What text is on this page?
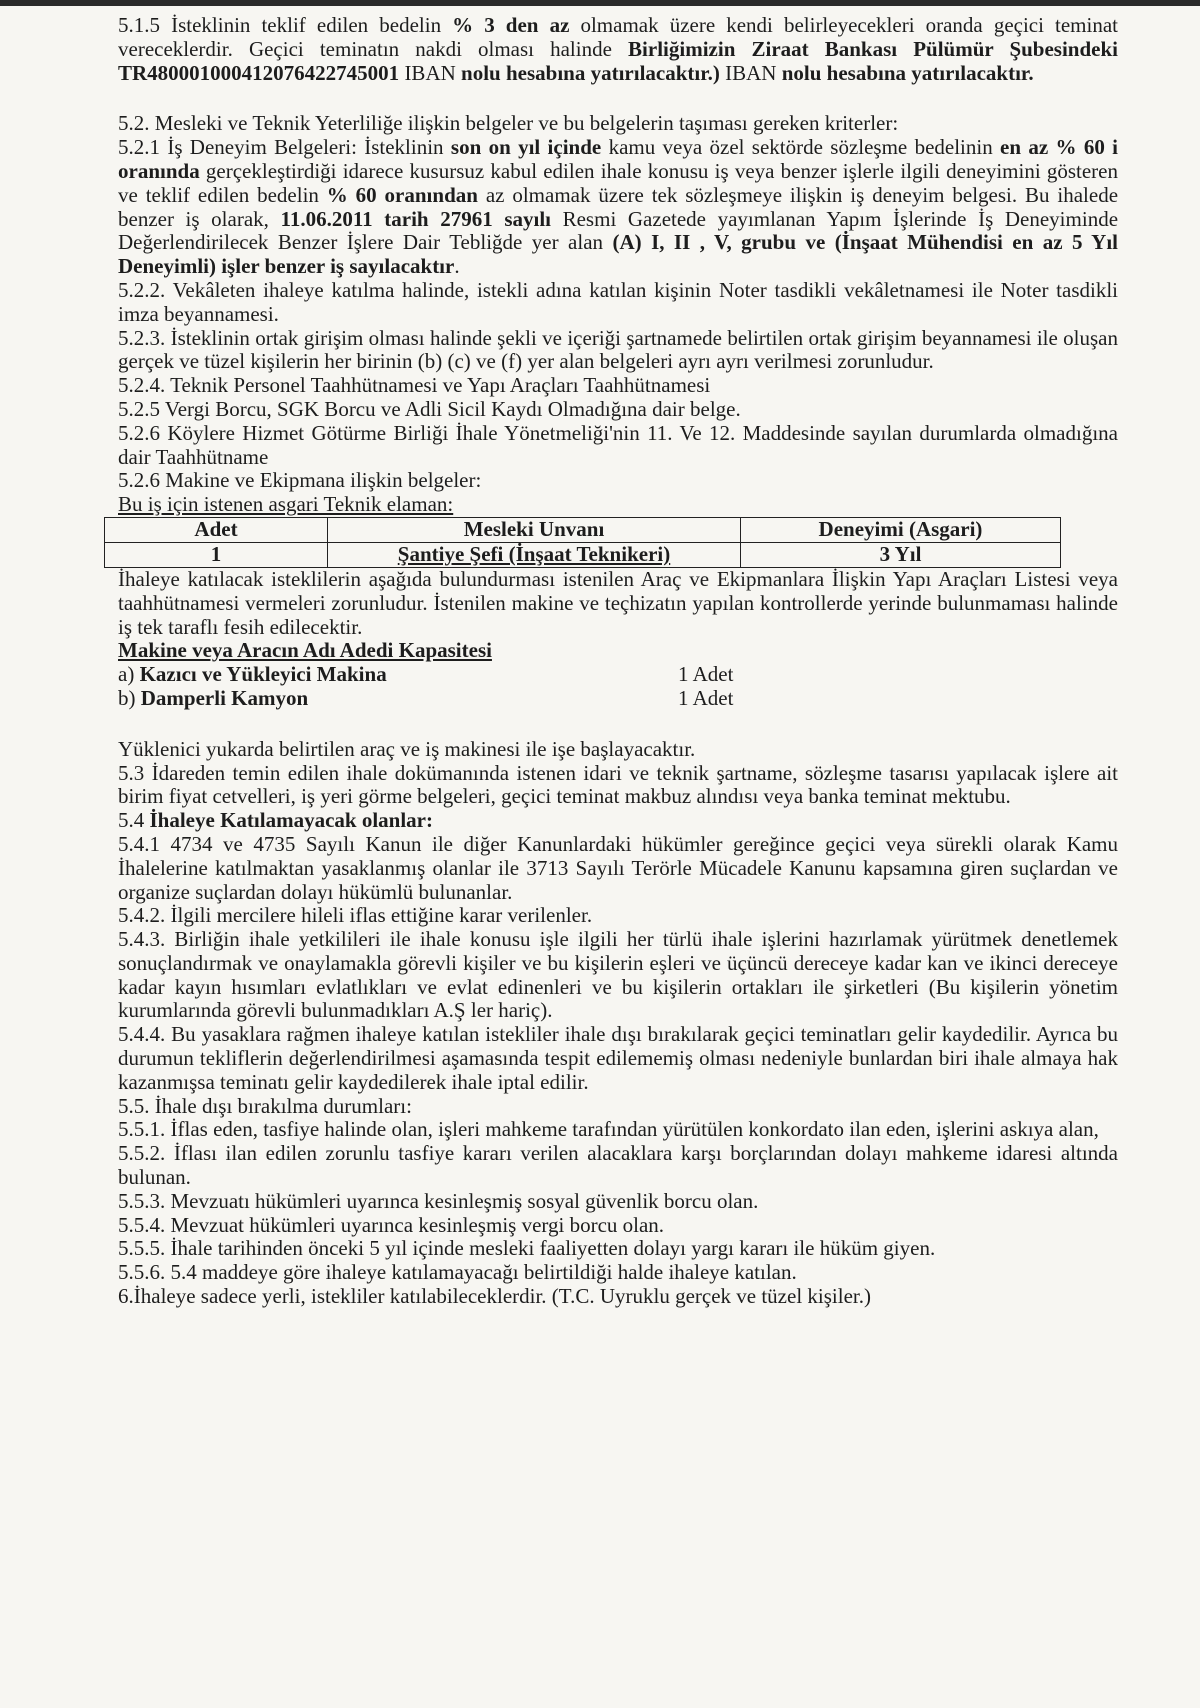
5.1.5 İsteklinin teklif edilen bedelin % 3 den az olmamak üzere kendi belirleyecekleri oranda geçici teminat vereceklerdir. Geçici teminatın nakdi olması halinde Birliğimizin Ziraat Bankası Pülümür Şubesindeki TR480001000412076422745001 IBAN nolu hesabına yatırılacaktır.) IBAN nolu hesabına yatırılacaktır.

5.2. Mesleki ve Teknik Yeterliliğe ilişkin belgeler ve bu belgelerin taşıması gereken kriterler:

5.2.1 İş Deneyim Belgeleri: İsteklinin son on yıl içinde kamu veya özel sektörde sözleşme bedelinin en az % 60 i oranında gerçekleştirdiği idarece kusursuz kabul edilen ihale konusu iş veya benzer işlerle ilgili deneyimini gösteren ve teklif edilen bedelin % 60 oranından az olmamak üzere tek sözleşmeye ilişkin iş deneyim belgesi. Bu ihalede benzer iş olarak, 11.06.2011 tarih 27961 sayılı Resmi Gazetede yayımlanan Yapım İşlerinde İş Deneyiminde Değerlendirilecek Benzer İşlere Dair Tebliğde yer alan (A) I, II , V, grubu ve (İnşaat Mühendisi en az 5 Yıl Deneyimli) işler benzer iş sayılacaktır.

5.2.2. Vekâleten ihaleye katılma halinde, istekli adına katılan kişinin Noter tasdikli vekâletnamesi ile Noter tasdikli imza beyannamesi.

5.2.3. İsteklinin ortak girişim olması halinde şekli ve içeriği şartnamede belirtilen ortak girişim beyannamesi ile oluşan gerçek ve tüzel kişilerin her birinin (b) (c) ve (f) yer alan belgeleri ayrı ayrı verilmesi zorunludur.

5.2.4. Teknik Personel Taahhütnamesi ve Yapı Araçları Taahhütnamesi

5.2.5 Vergi Borcu, SGK Borcu ve Adli Sicil Kaydı Olmadığına dair belge.

5.2.6 Köylere Hizmet Götürme Birliği İhale Yönetmeliği'nin 11. Ve 12. Maddesinde sayılan durumlarda olmadığına dair Taahhütname

5.2.6 Makine ve Ekipmana ilişkin belgeler:

Bu iş için istenen asgari Teknik elaman:

Adet	Mesleki Unvanı	Deneyimi (Asgari)
1	Şantiye Şefi (İnşaat Teknikeri)	3 Yıl

İhaleye katılacak isteklilerin aşağıda bulundurması istenilen Araç ve Ekipmanlara İlişkin Yapı Araçları Listesi veya taahhütnamesi vermeleri zorunludur. İstenilen makine ve teçhizatın yapılan kontrollerde yerinde bulunmaması halinde iş tek taraflı fesih edilecektir.

Makine veya Aracın Adı Adedi Kapasitesi

a) Kazıcı ve Yükleyici Makina	1 Adet
b) Damperli Kamyon	1 Adet

Yüklenici yukarda belirtilen araç ve iş makinesi ile işe başlayacaktır.

5.3 İdareden temin edilen ihale dokümanında istenen idari ve teknik şartname, sözleşme tasarısı yapılacak işlere ait birim fiyat cetvelleri, iş yeri görme belgeleri, geçici teminat makbuz alındısı veya banka teminat mektubu.

5.4 İhaleye Katılamayacak olanlar:

5.4.1 4734 ve 4735 Sayılı Kanun ile diğer Kanunlardaki hükümler gereğince geçici veya sürekli olarak Kamu İhalelerine katılmaktan yasaklanmış olanlar ile 3713 Sayılı Terörle Mücadele Kanunu kapsamına giren suçlardan ve organize suçlardan dolayı hükümlü bulunanlar.

5.4.2. İlgili mercilere hileli iflas ettiğine karar verilenler.

5.4.3. Birliğin ihale yetkilileri ile ihale konusu işle ilgili her türlü ihale işlerini hazırlamak yürütmek denetlemek sonuçlandırmak ve onaylamakla görevli kişiler ve bu kişilerin eşleri ve üçüncü dereceye kadar kan ve ikinci dereceye kadar kayın hısımları evlatlıkları ve evlat edinenleri ve bu kişilerin ortakları ile şirketleri (Bu kişilerin yönetim kurumlarında görevli bulunmadıkları A.Ş ler hariç).

5.4.4. Bu yasaklara rağmen ihaleye katılan istekliler ihale dışı bırakılarak geçici teminatları gelir kaydedilir. Ayrıca bu durumun tekliflerin değerlendirilmesi aşamasında tespit edilememiş olması nedeniyle bunlardan biri ihale almaya hak kazanmışsa teminatı gelir kaydedilerek ihale iptal edilir.

5.5. İhale dışı bırakılma durumları:

5.5.1. İflas eden, tasfiye halinde olan, işleri mahkeme tarafından yürütülen konkordato ilan eden, işlerini askıya alan,

5.5.2. İflası ilan edilen zorunlu tasfiye kararı verilen alacaklara karşı borçlarından dolayı mahkeme idaresi altında bulunan.

5.5.3. Mevzuatı hükümleri uyarınca kesinleşmiş sosyal güvenlik borcu olan.

5.5.4. Mevzuat hükümleri uyarınca kesinleşmiş vergi borcu olan.

5.5.5. İhale tarihinden önceki 5 yıl içinde mesleki faaliyetten dolayı yargı kararı ile hüküm giyen.

5.5.6. 5.4 maddeye göre ihaleye katılamayacağı belirtildiği halde ihaleye katılan.

6.İhaleye sadece yerli, istekliler katılabileceklerdir. (T.C. Uyruklu gerçek ve tüzel kişiler.)
